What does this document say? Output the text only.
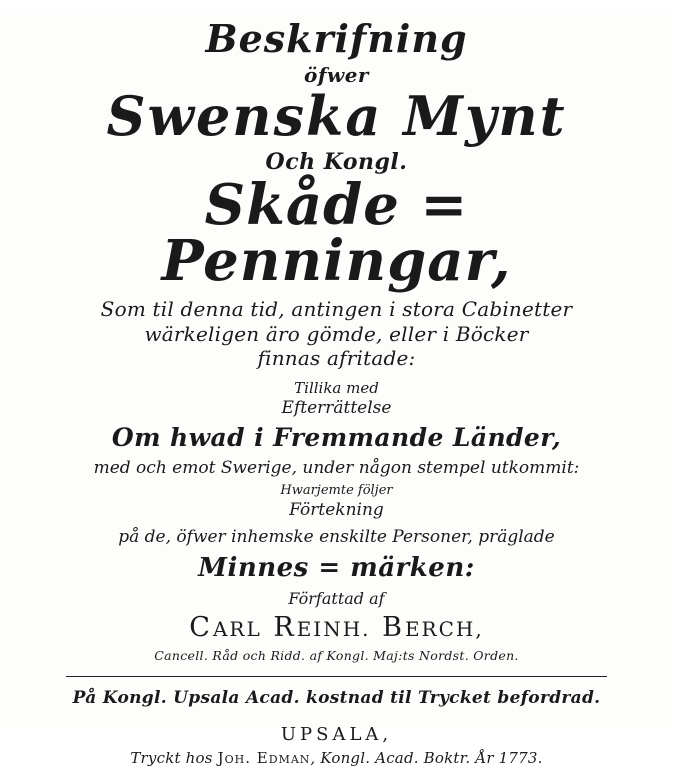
Beskrifning
öfwer
Swenska Mynt
Och Kongl.
Skåde = Penningar,
Som til denna tid, antingen i stora Cabinetter
wärkeligen äro gömde, eller i Böcker
finnas afritade:
Tillika med
Efterrättelse
Om hwad i Fremmande Länder,
med och emot Swerige, under någon stempel utkommit:
Hwarjemte följer
Förtekning
på de, öfwer inhemske enskilte Personer, präglade
Minnes = märken:
Författad af
CARL REINH. BERCH,
Cancell. Råd och Ridd. af Kongl. Maj:ts Nordst. Orden.
På Kongl. Upsala Acad. kostnad til Trycket befordrad.
UPSALA,
Tryckt hos Joh. Edman, Kongl. Acad. Boktr. År 1773.
